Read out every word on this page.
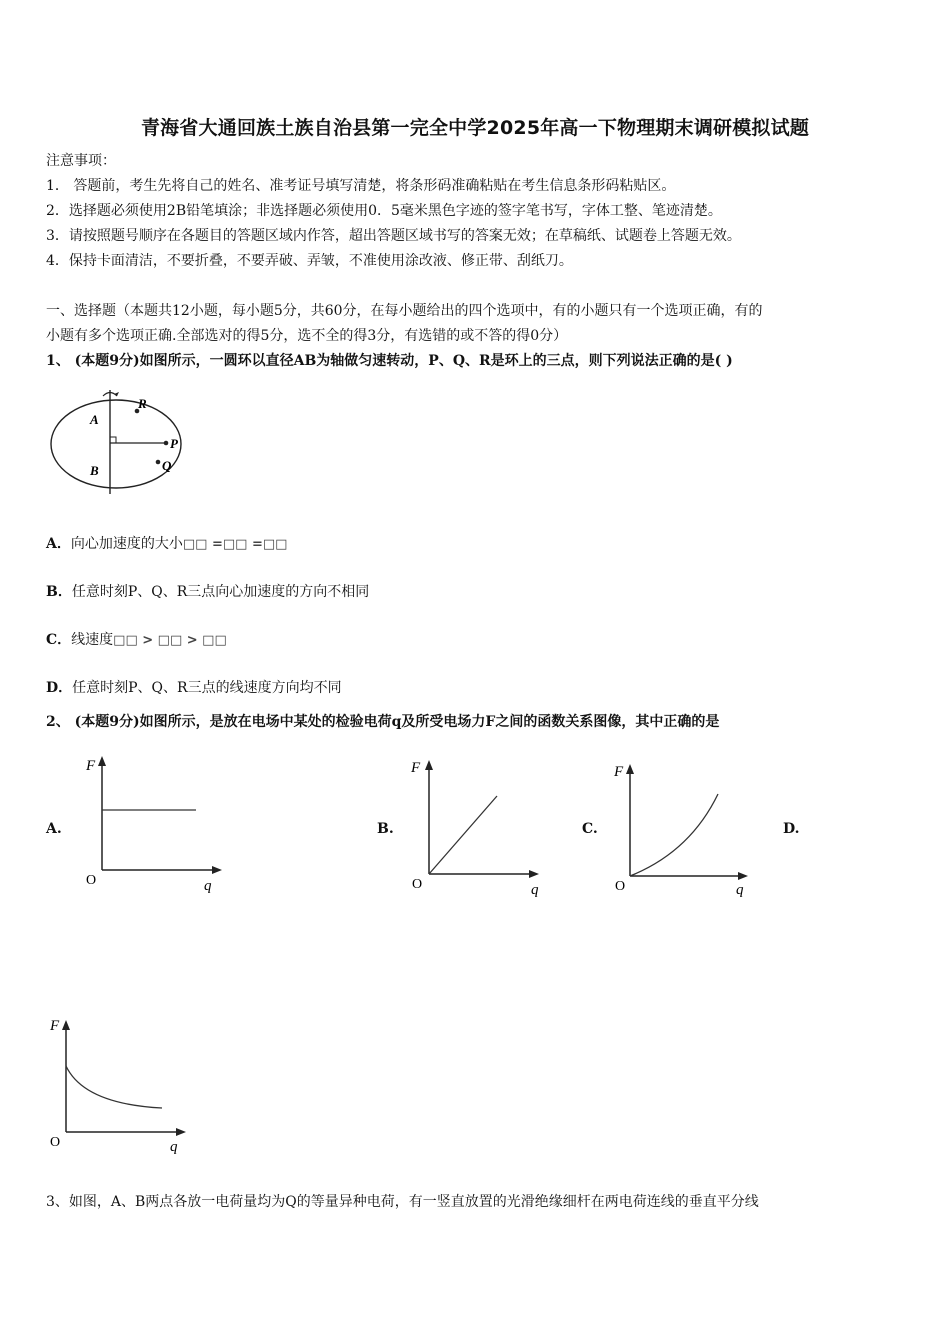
青海省大通回族土族自治县第一完全中学2025年高一下物理期末调研模拟试题
注意事项：
1． 答题前，考生先将自己的姓名、准考证号填写清楚，将条形码准确粘贴在考生信息条形码粘贴区。
2．选择题必须使用2B铅笔填涂；非选择题必须使用0．5毫米黑色字迹的签字笔书写，字体工整、笔迹清楚。
3．请按照题号顺序在各题目的答题区域内作答，超出答题区域书写的答案无效；在草稿纸、试题卷上答题无效。
4．保持卡面清洁，不要折叠，不要弄破、弄皱，不准使用涂改液、修正带、刮纸刀。
一、选择题（本题共12小题，每小题5分，共60分，在每小题给出的四个选项中，有的小题只有一个选项正确，有的
小题有多个选项正确.全部选对的得5分，选不全的得3分，有选错的或不答的得0分）
1、 (本题9分)如图所示，一圆环以直径AB为轴做匀速转动，P、Q、R是环上的三点，则下列说法正确的是( )
A
B
R
P
Q
A．向心加速度的大小□□ =□□ =□□
B．任意时刻P、Q、R三点向心加速度的方向不相同
C．线速度□□ > □□ > □□
D．任意时刻P、Q、R三点的线速度方向均不同
2、 (本题9分)如图所示，是放在电场中某处的检验电荷q及所受电场力F之间的函数关系图像，其中正确的是
A.
F
q
O
B.
F
q
O
C.
F
q
O
D.
F
q
O
3、如图，A、B两点各放一电荷量均为Q的等量异种电荷，有一竖直放置的光滑绝缘细杆在两电荷连线的垂直平分线
